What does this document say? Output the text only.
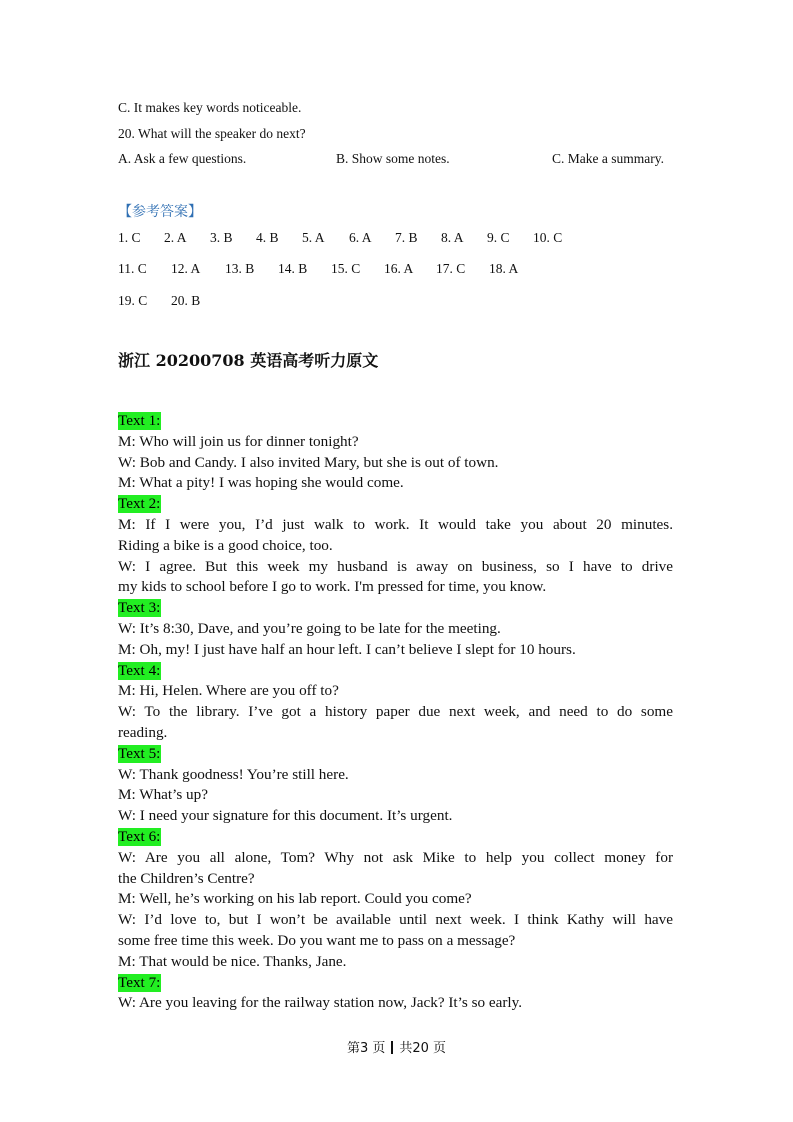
C. It makes key words noticeable.
20. What will the speaker do next?
A. Ask a few questions.	B. Show some notes.	C. Make a summary.
【参考答案】
1. C 2. A 3. B 4. B 5. A 6. A 7. B 8. A 9. C 10. C
11. C 12. A 13. B 14. B 15. C 16. A 17. C 18. A
19. C 20. B
浙江 20200708 英语高考听力原文
Text 1:
M: Who will join us for dinner tonight?
W: Bob and Candy. I also invited Mary, but she is out of town.
M: What a pity! I was hoping she would come.
Text 2:
M: If I were you, I’d just walk to work. It would take you about 20 minutes.
Riding a bike is a good choice, too.
W: I agree. But this week my husband is away on business, so I have to drive
my kids to school before I go to work. I'm pressed for time, you know.
Text 3:
W: It’s 8:30, Dave, and you’re going to be late for the meeting.
M: Oh, my! I just have half an hour left. I can’t believe I slept for 10 hours.
Text 4:
M: Hi, Helen. Where are you off to?
W: To the library. I’ve got a history paper due next week, and need to do some
reading.
Text 5:
W: Thank goodness! You’re still here.
M: What’s up?
W: I need your signature for this document. It’s urgent.
Text 6:
W: Are you all alone, Tom? Why not ask Mike to help you collect money for
the Children’s Centre?
M: Well, he’s working on his lab report. Could you come?
W: I’d love to, but I won’t be available until next week. I think Kathy will have
some free time this week. Do you want me to pass on a message?
M: That would be nice. Thanks, Jane.
Text 7:
W: Are you leaving for the railway station now, Jack? It’s so early.
第3 页 共20 页
